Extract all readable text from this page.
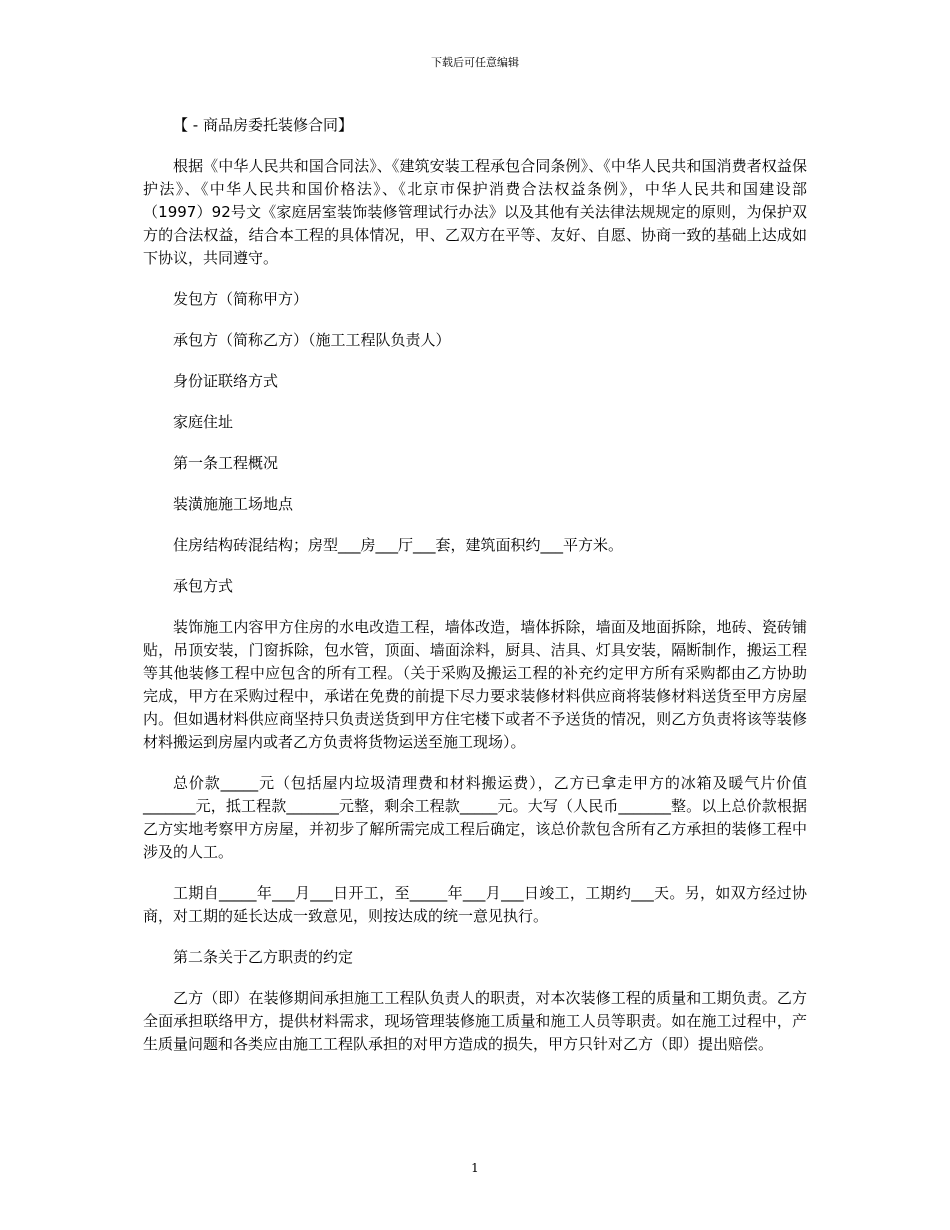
下载后可任意编辑

【 - 商品房委托装修合同】

根据《中华人民共和国合同法》、《建筑安装工程承包合同条例》、《中华人民共和国消费者权益保护法》、《中华人民共和国价格法》、《北京市保护消费合法权益条例》，中华人民共和国建设部（1997）92号文《家庭居室装饰装修管理试行办法》以及其他有关法律法规规定的原则，为保护双方的合法权益，结合本工程的具体情况，甲、乙双方在平等、友好、自愿、协商一致的基础上达成如下协议，共同遵守。

发包方（简称甲方）

承包方（简称乙方）（施工工程队负责人）

身份证联络方式

家庭住址

第一条工程概况

装潢施施工场地点

住房结构砖混结构；房型___房___厅___套，建筑面积约___平方米。

承包方式

装饰施工内容甲方住房的水电改造工程，墙体改造，墙体拆除，墙面及地面拆除，地砖、瓷砖铺贴，吊顶安装，门窗拆除，包水管，顶面、墙面涂料，厨具、洁具、灯具安装，隔断制作，搬运工程等其他装修工程中应包含的所有工程。（关于采购及搬运工程的补充约定甲方所有采购都由乙方协助完成，甲方在采购过程中，承诺在免费的前提下尽力要求装修材料供应商将装修材料送货至甲方房屋内。但如遇材料供应商坚持只负责送货到甲方住宅楼下或者不予送货的情况，则乙方负责将该等装修材料搬运到房屋内或者乙方负责将货物运送至施工现场）。

总价款_____元（包括屋内垃圾清理费和材料搬运费），乙方已拿走甲方的冰箱及暖气片价值_______元，抵工程款_______元整，剩余工程款_____元。大写（人民币_______整。以上总价款根据乙方实地考察甲方房屋，并初步了解所需完成工程后确定，该总价款包含所有乙方承担的装修工程中涉及的人工。

工期自_____年___月___日开工，至_____年___月___日竣工，工期约___天。另，如双方经过协商，对工期的延长达成一致意见，则按达成的统一意见执行。

第二条关于乙方职责的约定

乙方（即）在装修期间承担施工工程队负责人的职责，对本次装修工程的质量和工期负责。乙方全面承担联络甲方，提供材料需求，现场管理装修施工质量和施工人员等职责。如在施工过程中，产生质量问题和各类应由施工工程队承担的对甲方造成的损失，甲方只针对乙方（即）提出赔偿。

1
